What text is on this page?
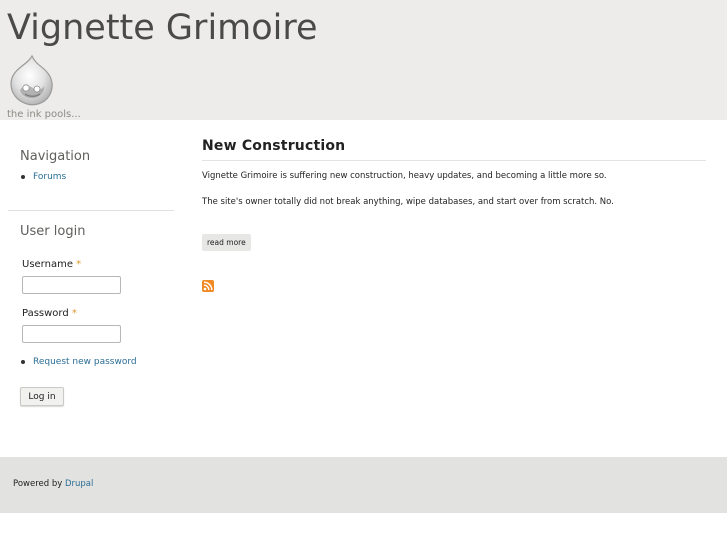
Vignette Grimoire
the ink pools...
Navigation
Forums
User login
Username *
Password *
Request new password
Log in
New Construction

Vignette Grimoire is suffering new construction, heavy updates, and becoming a little more so.

The site's owner totally did not break anything, wipe databases, and start over from scratch. No.

read more
Powered by Drupal
